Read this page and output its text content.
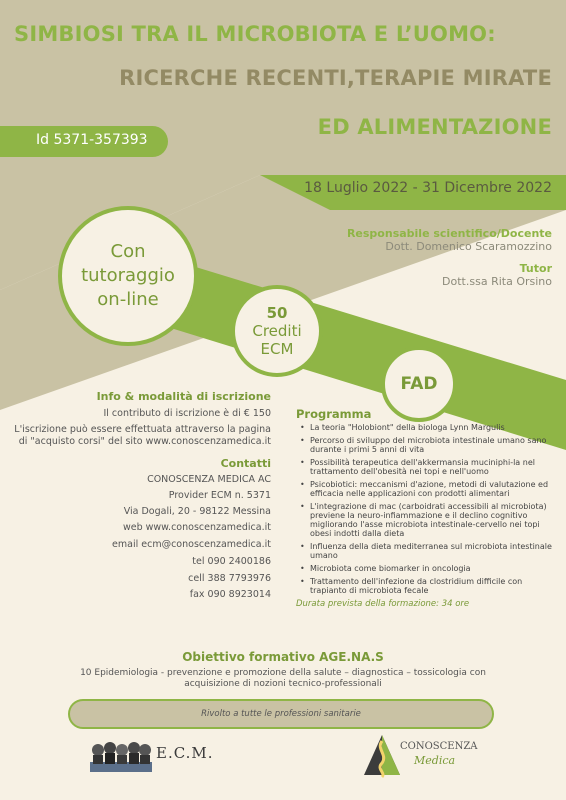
SIMBIOSI TRA IL MICROBIOTA E L’UOMO:
RICERCHE RECENTI,TERAPIE MIRATE
ED ALIMENTAZIONE
Id 5371-357393
18 Luglio 2022 - 31 Dicembre 2022
Responsabile scientifico/Docente
Dott. Domenico Scaramozzino
Tutor
Dott.ssa Rita Orsino
Con
tutoraggio
on-line
50
Crediti
ECM
FAD
Info & modalità di iscrizione
Il contributo di iscrizione è di € 150
L'iscrizione può essere effettuata attraverso la pagina
di "acquisto corsi" del sito www.conoscenzamedica.it
Contatti
CONOSCENZA MEDICA AC
Provider ECM n. 5371
Via Dogali, 20 - 98122 Messina
web www.conoscenzamedica.it
email ecm@conoscenzamedica.it
tel 090 2400186
cell 388 7793976
fax 090 8923014
Programma
• La teoria "Holobiont" della biologa Lynn Margulis
• Percorso di sviluppo del microbiota intestinale umano sano durante i primi 5 anni di vita
• Possibilità terapeutica dell'akkermansia muciniphi-la nel trattamento dell'obesità nei topi e nell'uomo
• Psicobiotici: meccanismi d'azione, metodi di valutazione ed efficacia nelle applicazioni con prodotti alimentari
• L'integrazione di mac (carboidrati accessibili al microbiota) previene la neuro-infiammazione e il declino cognitivo migliorando l'asse microbiota intestinale-cervello nei topi obesi indotti dalla dieta
• Influenza della dieta mediterranea sul microbiota intestinale umano
• Microbiota come biomarker in oncologia
• Trattamento dell'infezione da clostridium difficile con trapianto di microbiota fecale
Durata prevista della formazione: 34 ore
Obiettivo formativo AGE.NA.S
10 Epidemiologia - prevenzione e promozione della salute – diagnostica – tossicologia con acquisizione di nozioni tecnico-professionali
Rivolto a tutte le professioni sanitarie
E.C.M.	CONOSCENZA
Medica
